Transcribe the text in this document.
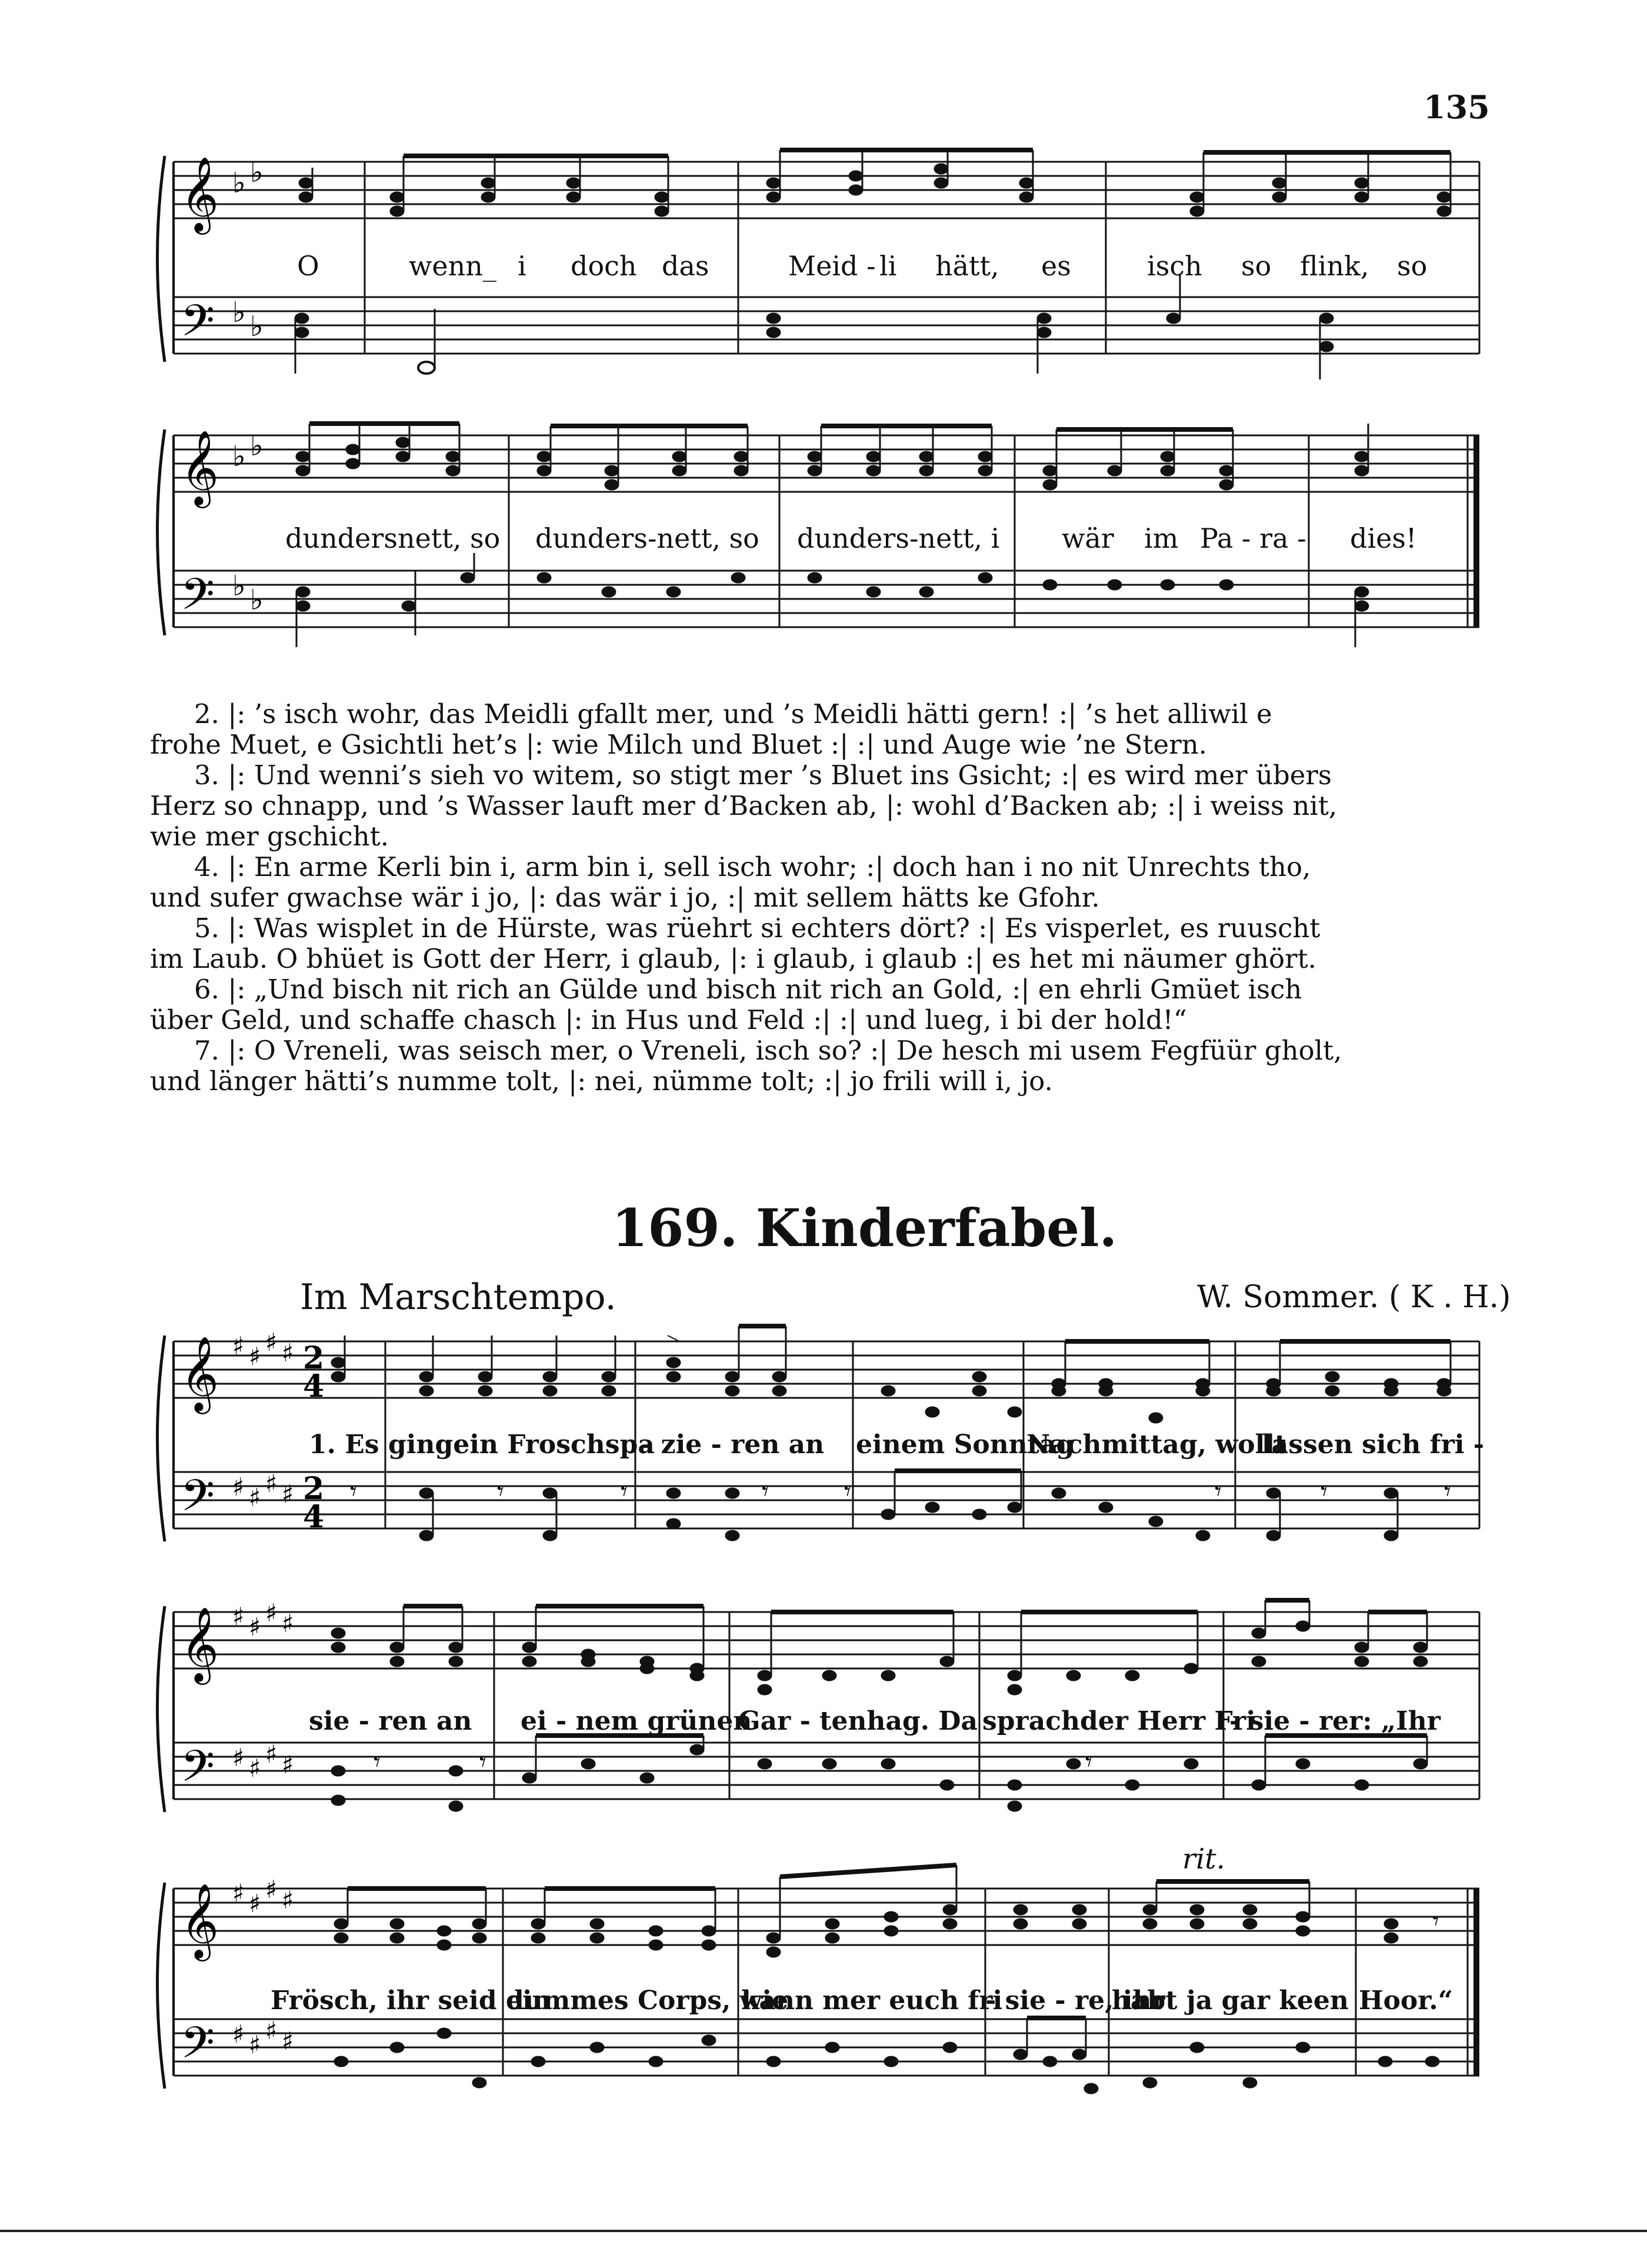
135
𝄞
𝄢
♭ ♭
♭ ♭
O	wenn_ i doch das	Meid - li hätt, es	isch so flink, so
𝄞
𝄢
♭ ♭
♭ ♭
dundersnett, so dunders-nett, so dunders-nett, i wär im Pa - ra - dies!

2. |: ’s isch wohr, das Meidli gfallt mer, und ’s Meidli hätti gern! :| ’s het alliwil e

frohe Muet, e Gsichtli het’s |: wie Milch und Bluet :| :| und Auge wie ’ne Stern.

3. |: Und wenni’s sieh vo witem, so stigt mer ’s Bluet ins Gsicht; :| es wird mer übers

Herz so chnapp, und ’s Wasser lauft mer d’Backen ab, |: wohl d’Backen ab; :| i weiss nit,

wie mer gschicht.

4. |: En arme Kerli bin i, arm bin i, sell isch wohr; :| doch han i no nit Unrechts tho,

und sufer gwachse wär i jo, |: das wär i jo, :| mit sellem hätts ke Gfohr.

5. |: Was wisplet in de Hürste, was rüehrt si echters dört? :| Es visperlet, es ruuscht

im Laub. O bhüet is Gott der Herr, i glaub, |: i glaub, i glaub :| es het mi näumer ghört.

6. |: „Und bisch nit rich an Gülde und bisch nit rich an Gold, :| en ehrli Gmüet isch

über Geld, und schaffe chasch |: in Hus und Feld :| :| und lueg, i bi der hold!“

7. |: O Vreneli, was seisch mer, o Vreneli, isch so? :| De hesch mi usem Fegfüür gholt,

und länger hätti’s numme tolt, |: nei, nümme tolt; :| jo frili will i, jo.

169. Kinderfabel.
Im Marschtempo.	W. Sommer. ( K . H.)
𝄞
𝄢
♯ ♯ ♯ ♯
♯ ♯ ♯ ♯
2
4
2
4
𝄾	𝄾	𝄾	𝄾	𝄾	𝄾	𝄾	𝄾
1. Es gingein Froschspa
- zie - ren an einem Sonntag
Nachmittag, wollt
lassen sich fri -
𝄞
𝄢
♯ ♯ ♯ ♯
♯ ♯ ♯ ♯	𝄾	𝄾	𝄾
sie - ren an ei - nem grünen
Gar - tenhag. Da sprachder Herr Fri
- sie - rer: „Ihr
rit.
𝄞
𝄢
♯ ♯ ♯ ♯
♯ ♯ ♯ ♯
𝄾
Frösch, ihr seid ein
dummes Corps, wie
kann mer euch fri
- sie - re, ihr
habt ja gar keen Hoor.“
